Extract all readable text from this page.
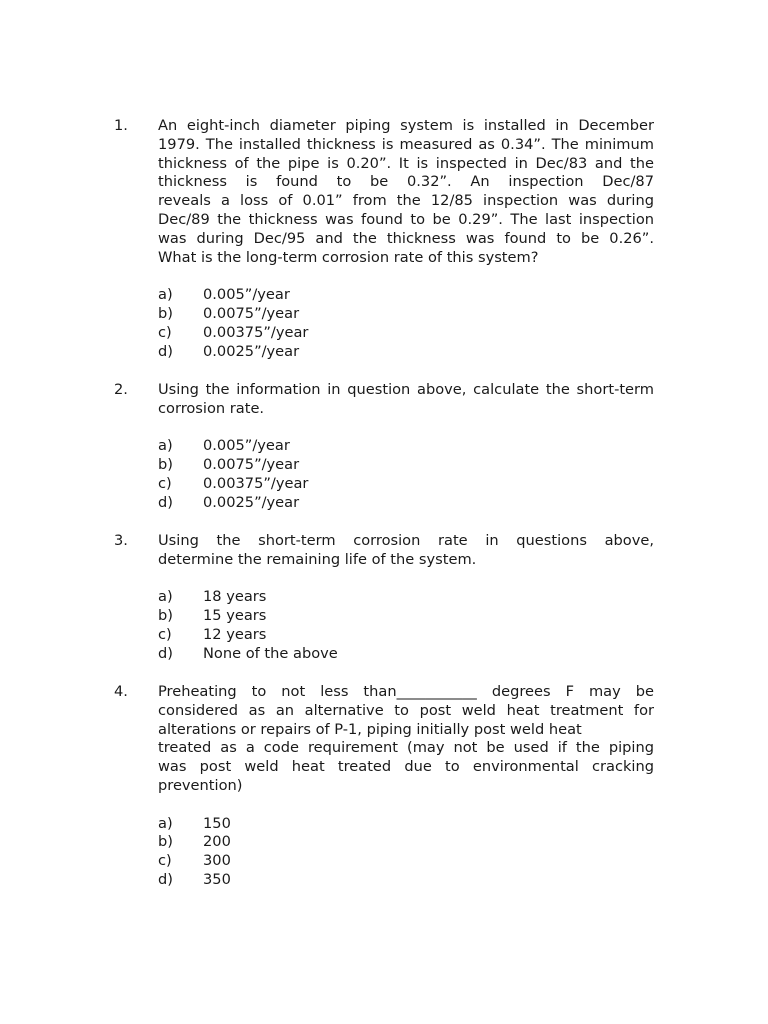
1. An eight-inch diameter piping system is installed in December
1979. The installed thickness is measured as 0.34”. The minimum
thickness of the pipe is 0.20”. It is inspected in Dec/83 and the
thickness is found to be 0.32”. An inspection Dec/87
reveals a loss of 0.01” from the 12/85 inspection was during
Dec/89 the thickness was found to be 0.29”. The last inspection
was during Dec/95 and the thickness was found to be 0.26”.
What is the long-term corrosion rate of this system?

a) 0.005”/year
b) 0.0075”/year
c) 0.00375”/year
d) 0.0025”/year
2. Using the information in question above, calculate the short-term
corrosion rate.

a) 0.005”/year
b) 0.0075”/year
c) 0.00375”/year
d) 0.0025”/year
3. Using the short-term corrosion rate in questions above,
determine the remaining life of the system.

a) 18 years
b) 15 years
c) 12 years
d) None of the above
4. Preheating to not less than___________ degrees F may be
considered as an alternative to post weld heat treatment for
alterations or repairs of P-1, piping initially post weld heat
treated as a code requirement (may not be used if the piping
was post weld heat treated due to environmental cracking
prevention)

a) 150
b) 200
c) 300
d) 350
